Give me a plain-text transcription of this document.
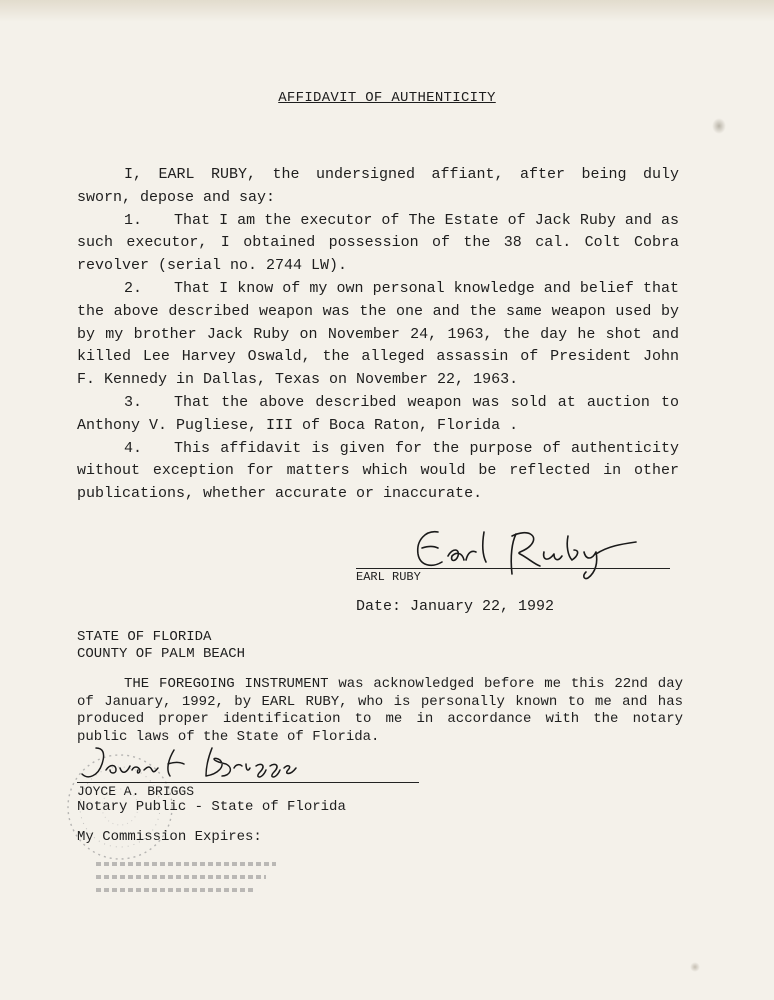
AFFIDAVIT OF AUTHENTICITY
I, EARL RUBY, the undersigned affiant, after being duly sworn, depose and say:

1. That I am the executor of The Estate of Jack Ruby and as such executor, I obtained possession of the 38 cal. Colt Cobra revolver (serial no. 2744 LW).

2. That I know of my own personal knowledge and belief that the above described weapon was the one and the same weapon used by by my brother Jack Ruby on November 24, 1963, the day he shot and killed Lee Harvey Oswald, the alleged assassin of President John F. Kennedy in Dallas, Texas on November 22, 1963.

3. That the above described weapon was sold at auction to Anthony V. Pugliese, III of Boca Raton, Florida .

4. This affidavit is given for the purpose of authenticity without exception for matters which would be reflected in other publications, whether accurate or inaccurate.

EARL RUBY
Date: January 22, 1992
STATE OF FLORIDA
COUNTY OF PALM BEACH
THE FOREGOING INSTRUMENT was acknowledged before me this 22nd day of January, 1992, by EARL RUBY, who is personally known to me and has produced proper identification to me in accordance with the notary public laws of the State of Florida.
JOYCE A. BRIGGS
Notary Public - State of Florida
My Commission Expires:
